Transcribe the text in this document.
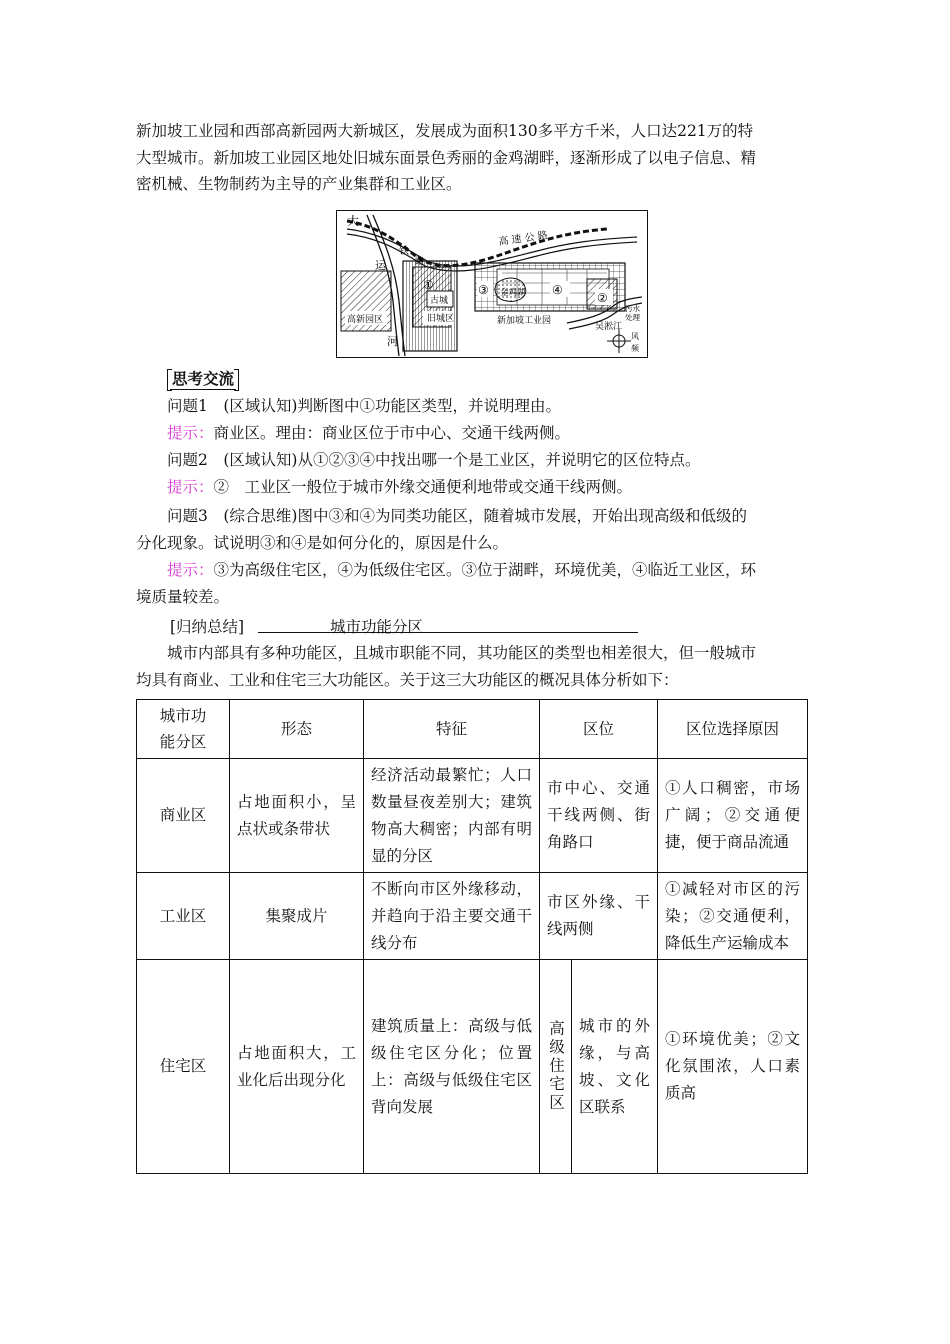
新加坡工业园和西部高新园两大新城区，发展成为面积130多平方千米，人口达221万的特
大型城市。新加坡工业园区地处旧城东面景色秀丽的金鸡湖畔，逐渐形成了以电子信息、精
密机械、生物制药为主导的产业集群和工业区。

大
运
河
铁
路
高 速 公 路
高新园区	旧城区
古城
金鸡湖
新加坡工业园
吴淞江
污水
处理
风
频
①
②
③	④
思考交流

问题1　(区域认知)判断图中①功能区类型，并说明理由。

提示：商业区。理由：商业区位于市中心、交通干线两侧。

问题2　(区域认知)从①②③④中找出哪一个是工业区，并说明它的区位特点。

提示：②　工业区一般位于城市外缘交通便利地带或交通干线两侧。

问题3　(综合思维)图中③和④为同类功能区，随着城市发展，开始出现高级和低级的
分化现象。试说明③和④是如何分化的，原因是什么。

提示：③为高级住宅区，④为低级住宅区。③位于湖畔，环境优美，④临近工业区，环
境质量较差。

[归纳总结]	城市功能分区

城市内部具有多种功能区，且城市职能不同，其功能区的类型也相差很大，但一般城市
均具有商业、工业和住宅三大功能区。关于这三大功能区的概况具体分析如下：

城市功能分区	形态	特征	区位		区位选择原因
商业区	占地面积小，呈点状或条带状	经济活动最繁忙；人口数量昼夜差别大；建筑物高大稠密；内部有明显的分区	市中心、交通干线两侧、街角路口		①人口稠密，市场广阔；②交通便捷，便于商品流通
工业区	集聚成片	不断向市区外缘移动，并趋向于沿主要交通干线分布	市区外缘、干线两侧		①减轻对市区的污染；②交通便利，降低生产运输成本
住宅区	占地面积大，工业化后出现分化	建筑质量上：高级与低级住宅区分化；位置上：高级与低级住宅区背向发展	高级住宅区	城市的外缘，与高坡、文化区联系	①环境优美；②文化氛围浓，人口素质高
